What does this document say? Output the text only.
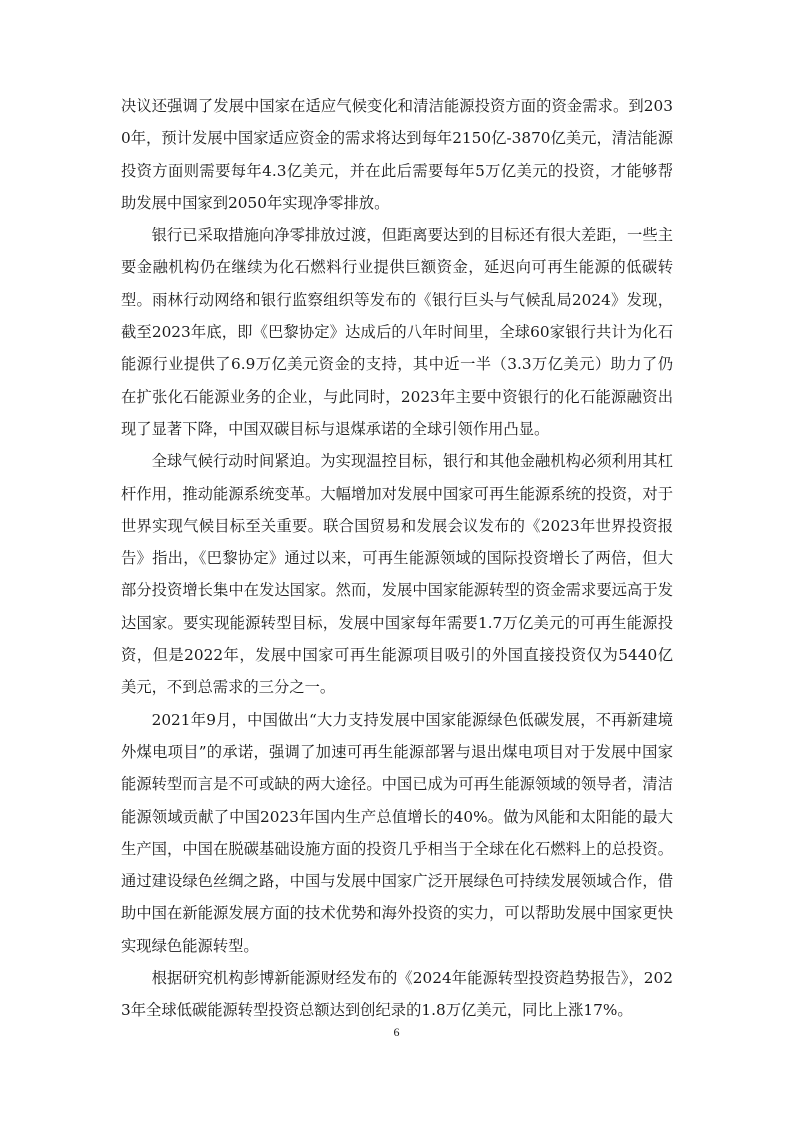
决议还强调了发展中国家在适应气候变化和清洁能源投资方面的资金需求。到2030年，预计发展中国家适应资金的需求将达到每年2150亿-3870亿美元，清洁能源投资方面则需要每年4.3亿美元，并在此后需要每年5万亿美元的投资，才能够帮助发展中国家到2050年实现净零排放。

银行已采取措施向净零排放过渡，但距离要达到的目标还有很大差距，一些主要金融机构仍在继续为化石燃料行业提供巨额资金，延迟向可再生能源的低碳转型。雨林行动网络和银行监察组织等发布的《银行巨头与气候乱局2024》发现，截至2023年底，即《巴黎协定》达成后的八年时间里，全球60家银行共计为化石能源行业提供了6.9万亿美元资金的支持，其中近一半（3.3万亿美元）助力了仍在扩张化石能源业务的企业，与此同时，2023年主要中资银行的化石能源融资出现了显著下降，中国双碳目标与退煤承诺的全球引领作用凸显。

全球气候行动时间紧迫。为实现温控目标，银行和其他金融机构必须利用其杠杆作用，推动能源系统变革。大幅增加对发展中国家可再生能源系统的投资，对于世界实现气候目标至关重要。联合国贸易和发展会议发布的《2023年世界投资报告》指出，《巴黎协定》通过以来，可再生能源领域的国际投资增长了两倍，但大部分投资增长集中在发达国家。然而，发展中国家能源转型的资金需求要远高于发达国家。要实现能源转型目标，发展中国家每年需要1.7万亿美元的可再生能源投资，但是2022年，发展中国家可再生能源项目吸引的外国直接投资仅为5440亿美元，不到总需求的三分之一。

2021年9月，中国做出“大力支持发展中国家能源绿色低碳发展，不再新建境外煤电项目”的承诺，强调了加速可再生能源部署与退出煤电项目对于发展中国家能源转型而言是不可或缺的两大途径。中国已成为可再生能源领域的领导者，清洁能源领域贡献了中国2023年国内生产总值增长的40%。做为风能和太阳能的最大生产国，中国在脱碳基础设施方面的投资几乎相当于全球在化石燃料上的总投资。通过建设绿色丝绸之路，中国与发展中国家广泛开展绿色可持续发展领域合作，借助中国在新能源发展方面的技术优势和海外投资的实力，可以帮助发展中国家更快实现绿色能源转型。

根据研究机构彭博新能源财经发布的《2024年能源转型投资趋势报告》，2023年全球低碳能源转型投资总额达到创纪录的1.8万亿美元，同比上涨17%。

6
